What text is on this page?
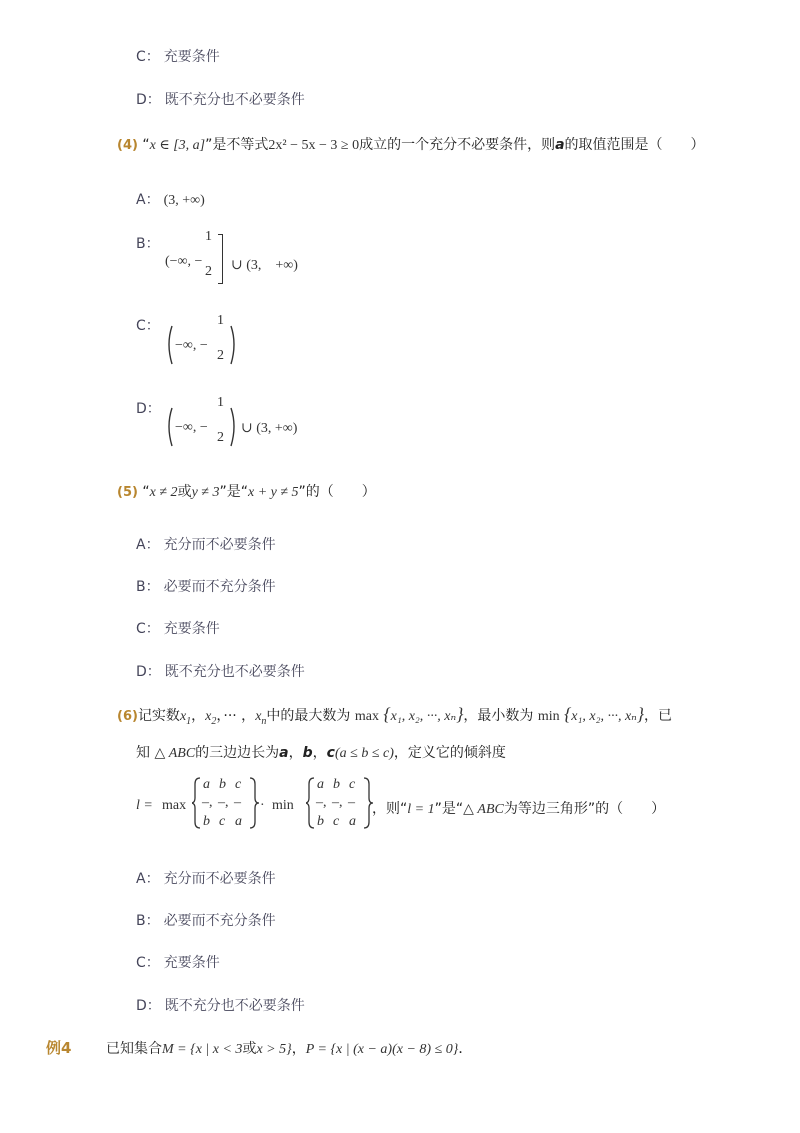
C： 充要条件
D： 既不充分也不必要条件
(4) “x ∈ [3, a]”是不等式2x² − 5x − 3 ≥ 0成立的一个充分不必要条件，则a的取值范围是（　　）
A： (3, +∞)
B：
(−∞, −
1
2 ∪ (3,　+∞)
C：
−∞, −
1
2
D：
−∞, −
1
2
∪ (3, +∞)
(5) “x ≠ 2或y ≠ 3”是“x + y ≠ 5”的（　　）
A： 充分而不必要条件
B： 必要而不充分条件
C： 充要条件
D： 既不充分也不必要条件
(6)记实数$x_1$，$x_2$，··· ，$x_n$中的最大数为 max {x₁, x₂, ···, xₙ}，最小数为 min {x₁, x₂, ···, xₙ}，已
知 △ ABC的三边边长为a，b，c(a ≤ b ≤ c)，定义它的倾斜度
l = max
a b c
–, –, –
b c a
· min
a b c
–, –, –
b c a
，则“l = 1”是“△ ABC为等边三角形”的（　　）
A： 充分而不必要条件
B： 必要而不充分条件
C： 充要条件
D： 既不充分也不必要条件
例4 已知集合M = {x | x < 3或x > 5}，P = {x | (x − a)(x − 8) ≤ 0}．
